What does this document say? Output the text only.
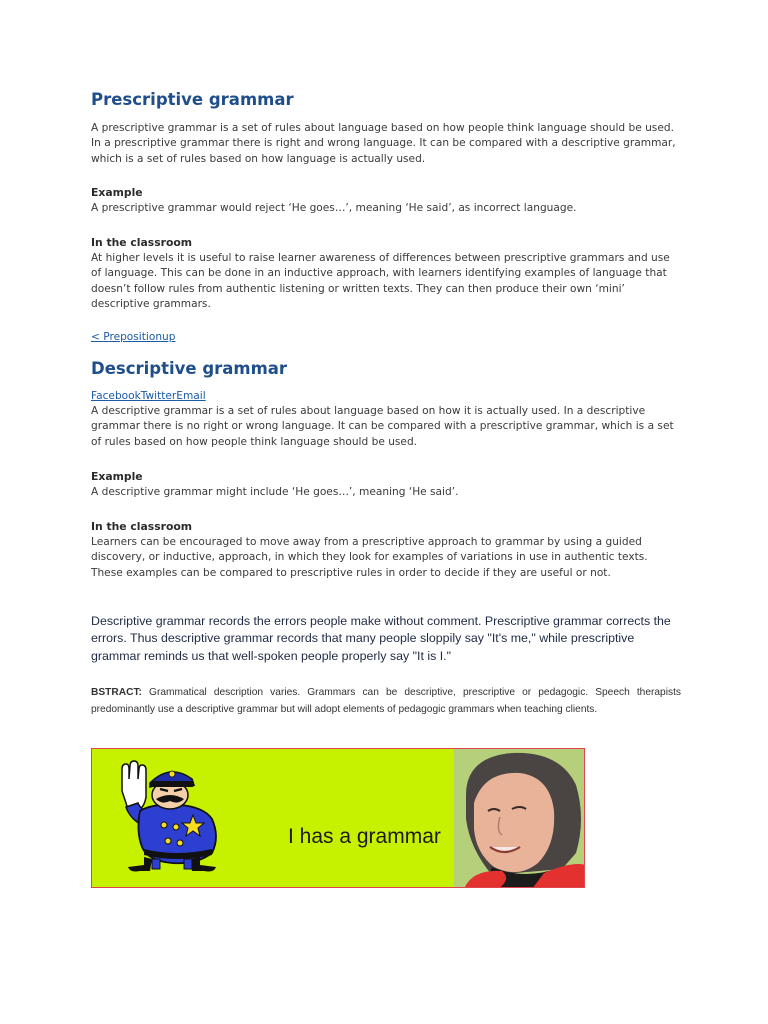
Prescriptive grammar

A prescriptive grammar is a set of rules about language based on how people think language should be used. In a prescriptive grammar there is right and wrong language. It can be compared with a descriptive grammar, which is a set of rules based on how language is actually used.

Example

A prescriptive grammar would reject ‘He goes…’, meaning ‘He said’, as incorrect language.

In the classroom

At higher levels it is useful to raise learner awareness of differences between prescriptive grammars and use of language. This can be done in an inductive approach, with learners identifying examples of language that doesn’t follow rules from authentic listening or written texts. They can then produce their own ‘mini’ descriptive grammars.

< Prepositionup
Descriptive grammar
FacebookTwitterEmail

A descriptive grammar is a set of rules about language based on how it is actually used. In a descriptive grammar there is no right or wrong language. It can be compared with a prescriptive grammar, which is a set of rules based on how people think language should be used.

Example

A descriptive grammar might include ‘He goes…’, meaning ‘He said’.

In the classroom

Learners can be encouraged to move away from a prescriptive approach to grammar by using a guided discovery, or inductive, approach, in which they look for examples of variations in use in authentic texts. These examples can be compared to prescriptive rules in order to decide if they are useful or not.

Descriptive grammar records the errors people make without comment. Prescriptive grammar corrects the errors. Thus descriptive grammar records that many people sloppily say "It's me," while prescriptive grammar reminds us that well-spoken people properly say "It is I."

BSTRACT: Grammatical description varies. Grammars can be descriptive, prescriptive or pedagogic. Speech therapists predominantly use a descriptive grammar but will adopt elements of pedagogic grammars when teaching clients.

I has a grammar
